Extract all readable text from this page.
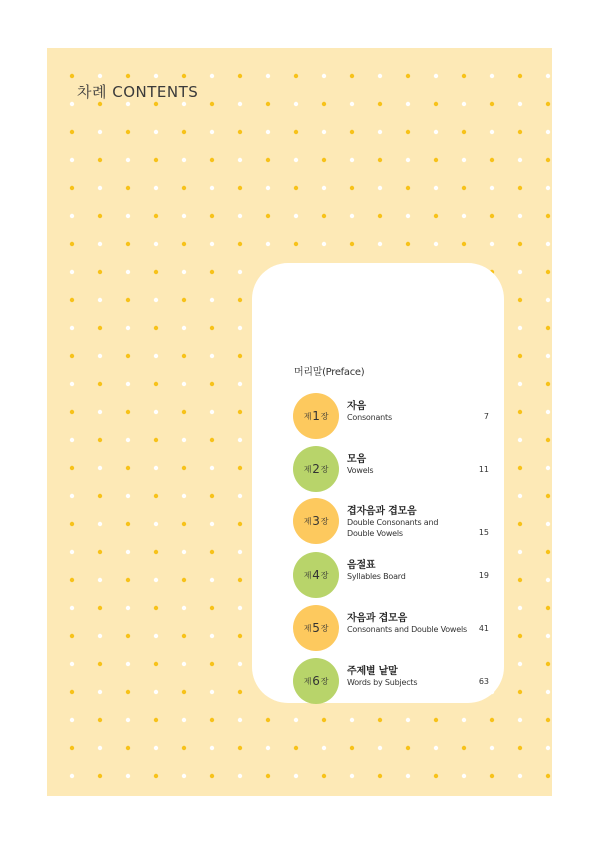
차례 CONTENTS
머리말(Preface)
제 1 장
자음
Consonants	7
제 2 장
모음
Vowels	11
제 3 장
겹자음과 겹모음
Double Consonants and Double Vowels	15
제 4 장
음절표
Syllables Board	19
제 5 장
자음과 겹모음
Consonants and Double Vowels	41
제 6 장
주제별 낱말
Words by Subjects	63
